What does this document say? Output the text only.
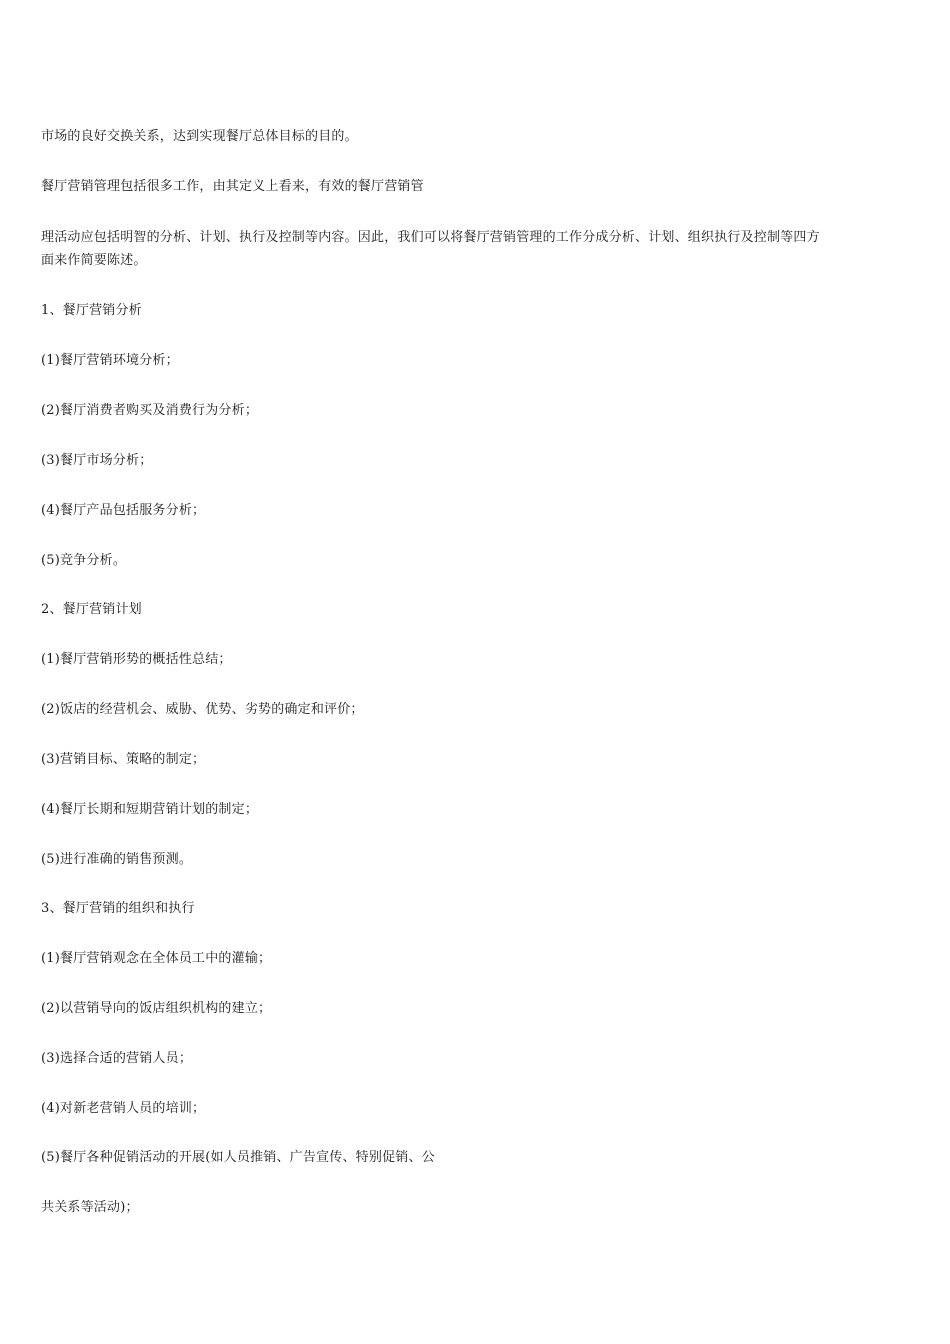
市场的良好交换关系，达到实现餐厅总体目标的目的。
餐厅营销管理包括很多工作，由其定义上看来，有效的餐厅营销管
理活动应包括明智的分析、计划、执行及控制等内容。因此，我们可以将餐厅营销管理的工作分成分析、计划、组织执行及控制等四方面来作简要陈述。
1、餐厅营销分析
(1)餐厅营销环境分析；
(2)餐厅消费者购买及消费行为分析；
(3)餐厅市场分析；
(4)餐厅产品包括服务分析；
(5)竞争分析。
2、餐厅营销计划
(1)餐厅营销形势的概括性总结；
(2)饭店的经营机会、威胁、优势、劣势的确定和评价；
(3)营销目标、策略的制定；
(4)餐厅长期和短期营销计划的制定；
(5)进行准确的销售预测。
3、餐厅营销的组织和执行
(1)餐厅营销观念在全体员工中的灌输；
(2)以营销导向的饭店组织机构的建立；
(3)选择合适的营销人员；
(4)对新老营销人员的培训；
(5)餐厅各种促销活动的开展(如人员推销、广告宣传、特别促销、公
共关系等活动)；
